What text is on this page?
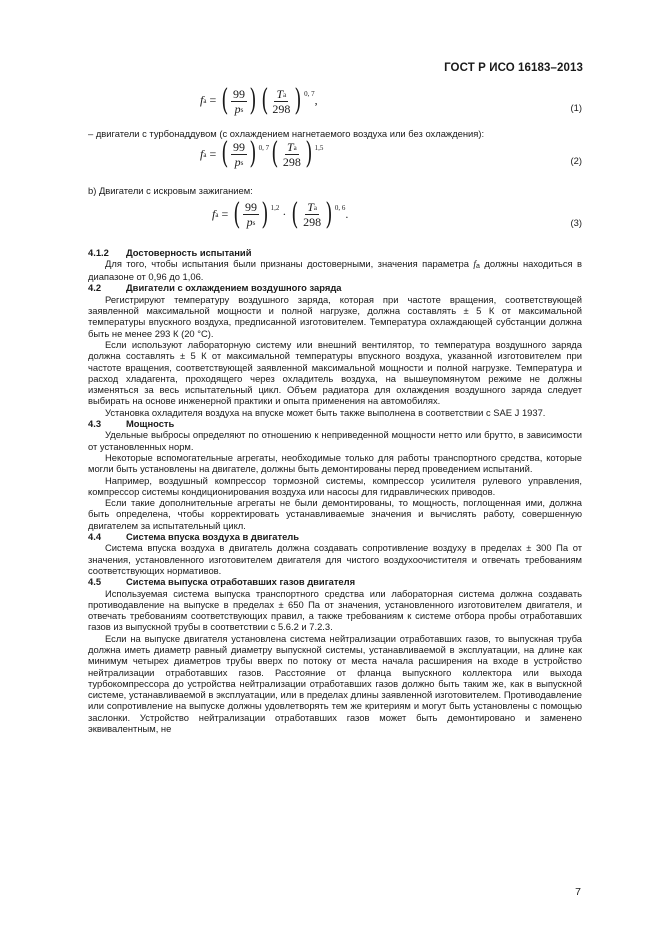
ГОСТ Р ИСО 16183–2013
f a = ( $\frac{99}{ps}$ ) ( $\frac{Ta}{298}$ ) 0, 7 ,
(1)

– двигатели с турбонаддувом (с охлаждением нагнетаемого воздуха или без охлаждения):

f a = ( $\frac{99}{ps}$ ) 0, 7 ( $\frac{Ta}{298}$ ) 1,5
(2)

b) Двигатели с искровым зажиганием:

f a = ( $\frac{99}{ps}$ ) 1,2 · ( $\frac{Ta}{298}$ ) 0, 6 .
(3)
4.1.2	Достоверность испытаний

Для того, чтобы испытания были признаны достоверными, значения параметра fa должны находиться в диапазоне от 0,96 до 1,06.

4.2	Двигатели с охлаждением воздушного заряда

Регистрируют температуру воздушного заряда, которая при частоте вращения, соответствующей заявленной максимальной мощности и полной нагрузке, должна составлять ± 5 К от максимальной температуры впускного воздуха, предписанной изготовителем. Температура охлаждающей субстанции должна быть не менее 293 К (20 °С).

Если используют лабораторную систему или внешний вентилятор, то температура воздушного заряда должна составлять ± 5 К от максимальной температуры впускного воздуха, указанной изготовителем при частоте вращения, соответствующей заявленной максимальной мощности и полной нагрузке. Температура и расход хладагента, проходящего через охладитель воздуха, на вышеупомянутом режиме не должны изменяться за весь испытательный цикл. Объем радиатора для охлаждения воздушного заряда следует выбирать на основе инженерной практики и опыта применения на автомобилях.

Установка охладителя воздуха на впуске может быть также выполнена в соответствии с SAE J 1937.

4.3	Мощность

Удельные выбросы определяют по отношению к неприведенной мощности нетто или брутто, в зависимости от установленных норм.

Некоторые вспомогательные агрегаты, необходимые только для работы транспортного средства, которые могли быть установлены на двигателе, должны быть демонтированы перед проведением испытаний.

Например, воздушный компрессор тормозной системы, компрессор усилителя рулевого управления, компрессор системы кондиционирования воздуха или насосы для гидравлических приводов.

Если такие дополнительные агрегаты не были демонтированы, то мощность, поглощенная ими, должна быть определена, чтобы корректировать устанавливаемые значения и вычислять работу, совершенную двигателем за испытательный цикл.

4.4	Система впуска воздуха в двигатель

Система впуска воздуха в двигатель должна создавать сопротивление воздуху в пределах ± 300 Па от значения, установленного изготовителем двигателя для чистого воздухоочистителя и отвечать требованиям соответствующих нормативов.

4.5	Система выпуска отработавших газов двигателя

Используемая система выпуска транспортного средства или лабораторная система должна создавать противодавление на выпуске в пределах ± 650 Па от значения, установленного изготовителем двигателя, и отвечать требованиям соответствующих правил, а также требованиям к системе отбора пробы отработавших газов из выпускной трубы в соответствии с 5.6.2 и 7.2.3.

Если на выпуске двигателя установлена система нейтрализации отработавших газов, то выпускная труба должна иметь диаметр равный диаметру выпускной системы, устанавливаемой в эксплуатации, на длине как минимум четырех диаметров трубы вверх по потоку от места начала расширения на входе в устройство нейтрализации отработавших газов. Расстояние от фланца выпускного коллектора или выхода турбокомпрессора до устройства нейтрализации отработавших газов должно быть таким же, как в выпускной системе, устанавливаемой в эксплуатации, или в пределах длины заявленной изготовителем. Противодавление или сопротивление на выпуске должны удовлетворять тем же критериям и могут быть установлены с помощью заслонки. Устройство нейтрализации отработавших газов может быть демонтировано и заменено эквивалентным, не

7
